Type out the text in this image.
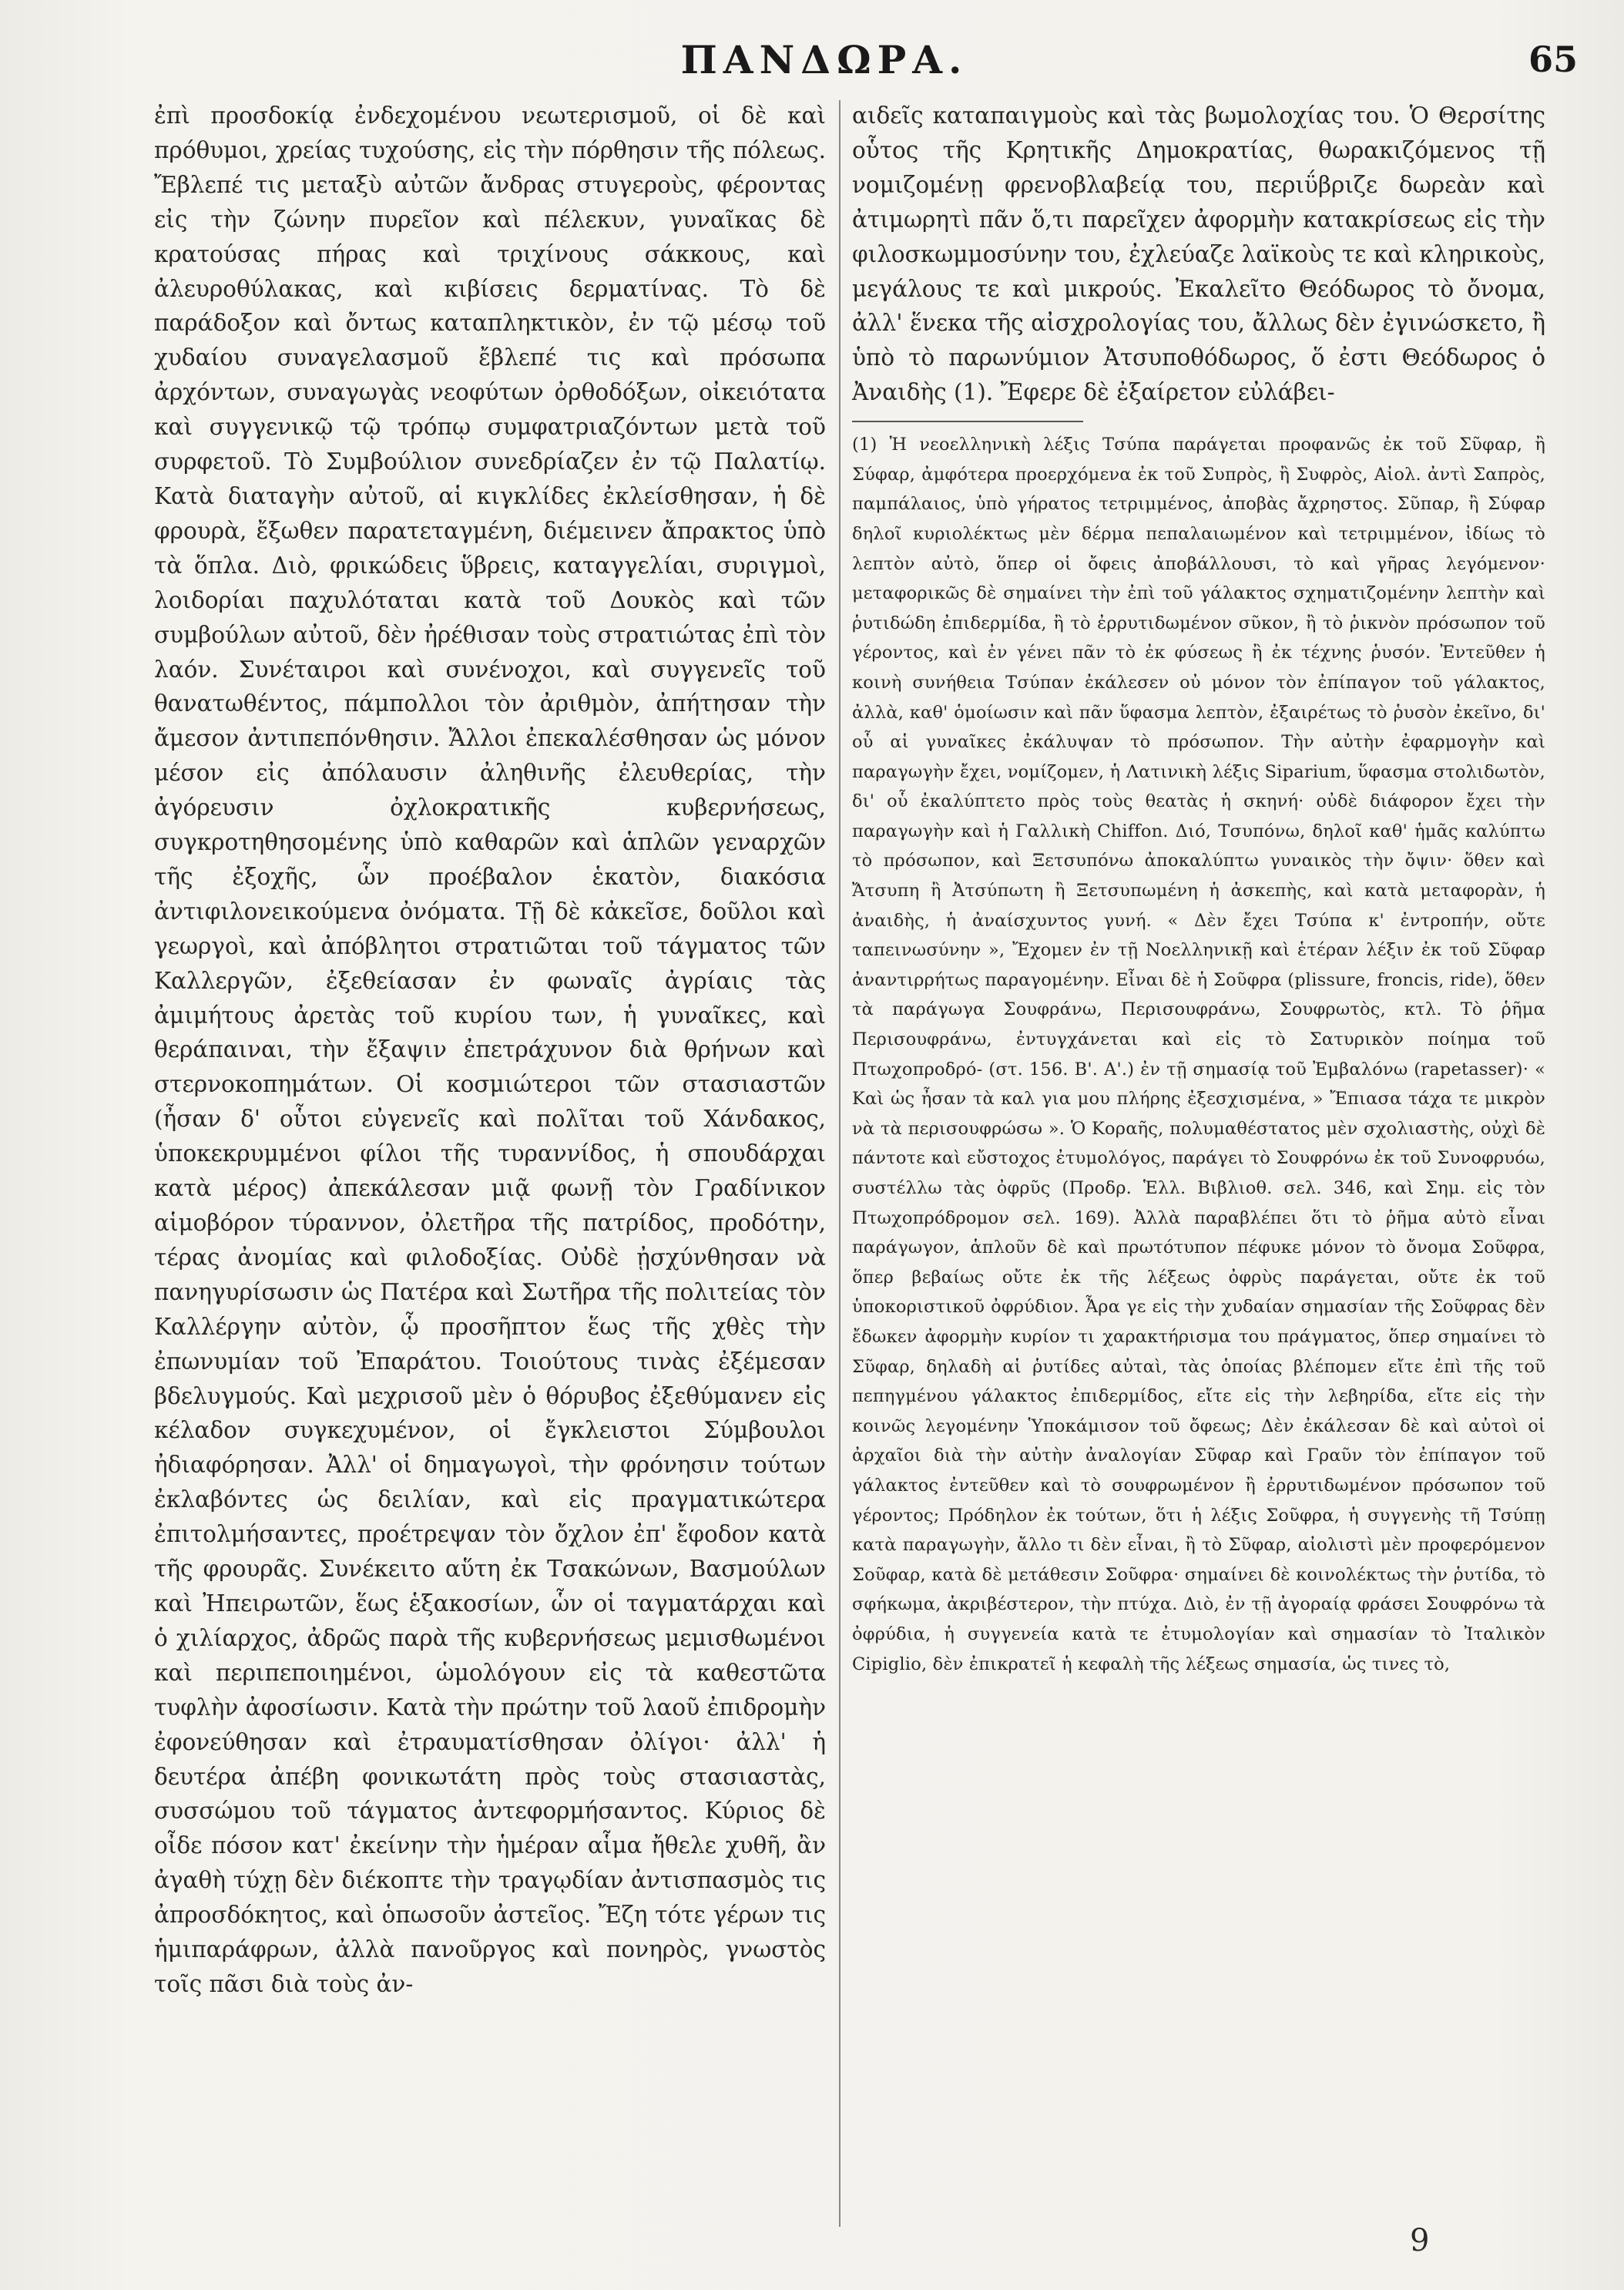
ΠΑΝΔΩΡΑ.	65
ἐπὶ προσδοκίᾳ ἐνδεχομένου νεωτερισμοῦ, οἱ δὲ καὶ πρόθυμοι, χρείας τυχούσης, εἰς τὴν πόρθησιν τῆς πόλεως. Ἔβλεπέ τις μεταξὺ αὐτῶν ἄνδρας στυγεροὺς, φέροντας εἰς τὴν ζώνην πυρεῖον καὶ πέλεκυν, γυναῖκας δὲ κρατούσας πήρας καὶ τριχίνους σάκκους, καὶ ἀλευροθύλακας, καὶ κιβίσεις δερματίνας. Τὸ δὲ παράδοξον καὶ ὄντως καταπληκτικὸν, ἐν τῷ μέσῳ τοῦ χυδαίου συναγελασμοῦ ἔβλεπέ τις καὶ πρόσωπα ἀρχόντων, συναγωγὰς νεοφύτων ὀρθοδόξων, οἰκειότατα καὶ συγγενικῷ τῷ τρόπῳ συμφατριαζόντων μετὰ τοῦ συρφετοῦ. Τὸ Συμβούλιον συνεδρίαζεν ἐν τῷ Παλατίῳ. Κατὰ διαταγὴν αὐτοῦ, αἱ κιγκλίδες ἐκλείσθησαν, ἡ δὲ φρουρὰ, ἔξωθεν παρατεταγμένη, διέμεινεν ἄπρακτος ὑπὸ τὰ ὅπλα. Διὸ, φρικώδεις ὕβρεις, καταγγελίαι, συριγμοὶ, λοιδορίαι παχυλόταται κατὰ τοῦ Δουκὸς καὶ τῶν συμβούλων αὐτοῦ, δὲν ἠρέθισαν τοὺς στρατιώτας ἐπὶ τὸν λαόν. Συνέταιροι καὶ συνένοχοι, καὶ συγγενεῖς τοῦ θανατωθέντος, πάμπολλοι τὸν ἀριθμὸν, ἀπήτησαν τὴν ἄμεσον ἀντιπεπόνθησιν. Ἄλλοι ἐπεκαλέσθησαν ὡς μόνον μέσον εἰς ἀπόλαυσιν ἀληθινῆς ἐλευθερίας, τὴν ἀγόρευσιν ὀχλοκρατικῆς κυβερνήσεως, συγκροτηθησομένης ὑπὸ καθαρῶν καὶ ἁπλῶν γεναρχῶν τῆς ἐξοχῆς, ὧν προέβαλον ἑκατὸν, διακόσια ἀντιφιλονεικούμενα ὀνόματα. Τῇ δὲ κἀκεῖσε, δοῦλοι καὶ γεωργοὶ, καὶ ἀπόβλητοι στρατιῶται τοῦ τάγματος τῶν Καλλεργῶν, ἐξεθείασαν ἐν φωναῖς ἀγρίαις τὰς ἀμιμήτους ἀρετὰς τοῦ κυρίου των, ἡ γυναῖκες, καὶ θεράπαιναι, τὴν ἔξαψιν ἐπετράχυνον διὰ θρήνων καὶ στερνοκοπημάτων. Οἱ κοσμιώτεροι τῶν στασιαστῶν (ἦσαν δ' οὗτοι εὐγενεῖς καὶ πολῖται τοῦ Χάνδακος, ὑποκεκρυμμένοι φίλοι τῆς τυραννίδος, ἡ σπουδάρχαι κατὰ μέρος) ἀπεκάλεσαν μιᾷ φωνῇ τὸν Γραδίνικον αἱμοβόρον τύραννον, ὀλετῆρα τῆς πατρίδος, προδότην, τέρας ἀνομίας καὶ φιλοδοξίας. Οὐδὲ ᾐσχύνθησαν νὰ πανηγυρίσωσιν ὡς Πατέρα καὶ Σωτῆρα τῆς πολιτείας τὸν Καλλέργην αὐτὸν, ᾧ προσῆπτον ἕως τῆς χθὲς τὴν ἐπωνυμίαν τοῦ Ἐπαράτου. Τοιούτους τινὰς ἐξέμεσαν βδελυγμούς. Καὶ μεχρισοῦ μὲν ὁ θόρυβος ἐξεθύμανεν εἰς κέλαδον συγκεχυμένον, οἱ ἔγκλειστοι Σύμβουλοι ἠδιαφόρησαν. Ἀλλ' οἱ δημαγωγοὶ, τὴν φρόνησιν τούτων ἐκλαβόντες ὡς δειλίαν, καὶ εἰς πραγματικώτερα ἐπιτολμήσαντες, προέτρεψαν τὸν ὄχλον ἐπ' ἔφοδον κατὰ τῆς φρουρᾶς. Συνέκειτο αὕτη ἐκ Τσακώνων, Βασμούλων καὶ Ἠπειρωτῶν, ἕως ἑξακοσίων, ὧν οἱ ταγματάρχαι καὶ ὁ χιλίαρχος, ἀδρῶς παρὰ τῆς κυβερνήσεως μεμισθωμένοι καὶ περιπεποιημένοι, ὡμολόγουν εἰς τὰ καθεστῶτα τυφλὴν ἀφοσίωσιν. Κατὰ τὴν πρώτην τοῦ λαοῦ ἐπιδρομὴν ἐφονεύθησαν καὶ ἐτραυματίσθησαν ὀλίγοι· ἀλλ' ἡ δευτέρα ἀπέβη φονικωτάτη πρὸς τοὺς στασιαστὰς, συσσώμου τοῦ τάγματος ἀντεφορμήσαντος. Κύριος δὲ οἶδε πόσον κατ' ἐκείνην τὴν ἡμέραν αἷμα ἤθελε χυθῆ, ἂν ἀγαθὴ τύχῃ δὲν διέκοπτε τὴν τραγῳδίαν ἀντισπασμὸς τις ἀπροσδόκητος, καὶ ὁπωσοῦν ἀστεῖος. Ἔζη τότε γέρων τις ἡμιπαράφρων, ἀλλὰ πανοῦργος καὶ πονηρὸς, γνωστὸς τοῖς πᾶσι διὰ τοὺς ἀν-
αιδεῖς καταπαιγμοὺς καὶ τὰς βωμολοχίας του. Ὁ Θερσίτης οὗτος τῆς Κρητικῆς Δημοκρατίας, θωρακιζόμενος τῇ νομιζομένῃ φρενοβλαβείᾳ του, περιΰβριζε δωρεὰν καὶ ἀτιμωρητὶ πᾶν ὅ,τι παρεῖχεν ἀφορμὴν κατακρίσεως εἰς τὴν φιλοσκωμμοσύνην του, ἐχλεύαζε λαϊκοὺς τε καὶ κληρικοὺς, μεγάλους τε καὶ μικρούς. Ἐκαλεῖτο Θεόδωρος τὸ ὄνομα, ἀλλ' ἕνεκα τῆς αἰσχρολογίας του, ἄλλως δὲν ἐγινώσκετο, ἢ ὑπὸ τὸ παρωνύμιον Ἀτσυποθόδωρος, ὅ ἐστι Θεόδωρος ὁ Ἀναιδὴς (1). Ἔφερε δὲ ἐξαίρετον εὐλάβει-
(1) Ἡ νεοελληνικὴ λέξις Τσύπα παράγεται προφανῶς ἐκ τοῦ Σῦφαρ, ἢ Σύφαρ, ἀμφότερα προερχόμενα ἐκ τοῦ Συπρὸς, ἢ Συφρὸς, Αἰολ. ἀντὶ Σαπρὸς, παμπάλαιος, ὑπὸ γήρατος τετριμμένος, ἀποβὰς ἄχρηστος. Σῦπαρ, ἢ Σύφαρ δηλοῖ κυριολέκτως μὲν δέρμα πεπαλαιωμένον καὶ τετριμμένον, ἰδίως τὸ λεπτὸν αὐτὸ, ὅπερ οἱ ὄφεις ἀποβάλλουσι, τὸ καὶ γῆρας λεγόμενον· μεταφορικῶς δὲ σημαίνει τὴν ἐπὶ τοῦ γάλακτος σχηματιζομένην λεπτὴν καὶ ῥυτιδώδη ἐπιδερμίδα, ἢ τὸ ἐρρυτιδωμένον σῦκον, ἢ τὸ ῥικνὸν πρόσωπον τοῦ γέροντος, καὶ ἐν γένει πᾶν τὸ ἐκ φύσεως ἢ ἐκ τέχνης ῥυσόν. Ἐντεῦθεν ἡ κοινὴ συνήθεια Τσύπαν ἐκάλεσεν οὐ μόνον τὸν ἐπίπαγον τοῦ γάλακτος, ἀλλὰ, καθ' ὁμοίωσιν καὶ πᾶν ὕφασμα λεπτὸν, ἐξαιρέτως τὸ ῥυσὸν ἐκεῖνο, δι' οὗ αἱ γυναῖκες ἐκάλυψαν τὸ πρόσωπον. Τὴν αὐτὴν ἐφαρμογὴν καὶ παραγωγὴν ἔχει, νομίζομεν, ἡ Λατινικὴ λέξις Siparium, ὕφασμα στολιδωτὸν, δι' οὗ ἐκαλύπτετο πρὸς τοὺς θεατὰς ἡ σκηνή· οὐδὲ διάφορον ἔχει τὴν παραγωγὴν καὶ ἡ Γαλλικὴ Chiffon. Διό, Τσυπόνω, δηλοῖ καθ' ἡμᾶς καλύπτω τὸ πρόσωπον, καὶ Ξετσυπόνω ἀποκαλύπτω γυναικὸς τὴν ὄψιν· ὅθεν καὶ Ἄτσυπη ἢ Ἀτσύπωτη ἢ Ξετσυπωμένη ἡ ἀσκεπὴς, καὶ κατὰ μεταφορὰν, ἡ ἀναιδὴς, ἡ ἀναίσχυντος γυνή. « Δὲν ἔχει Τσύπα κ' ἐντροπήν, οὔτε ταπεινωσύνην », Ἔχομεν ἐν τῇ Νοελληνικῇ καὶ ἑτέραν λέξιν ἐκ τοῦ Σῦφαρ ἀναντιρρήτως παραγομένην. Εἶναι δὲ ἡ Σοῦφρα (plissure, froncis, ride), ὅθεν τὰ παράγωγα Σουφράνω, Περισουφράνω, Σουφρωτὸς, κτλ. Τὸ ῥῆμα Περισουφράνω, ἐντυγχάνεται καὶ εἰς τὸ Σατυρικὸν ποίημα τοῦ Πτωχοπροδρό- (στ. 156. Β'. Α'.) ἐν τῇ σημασίᾳ τοῦ Ἐμβαλόνω (rapetasser)· « Καὶ ὡς ἦσαν τὰ καλ για μου πλήρης ἐξεσχισμένα, » Ἔπιασα τάχα τε μικρὸν νὰ τὰ περισουφρώσω ». Ὁ Κοραῆς, πολυμαθέστατος μὲν σχολιαστὴς, οὐχὶ δὲ πάντοτε καὶ εὔστοχος ἐτυμολόγος, παράγει τὸ Σουφρόνω ἐκ τοῦ Συνοφρυόω, συστέλλω τὰς ὀφρῦς (Προδρ. Ἑλλ. Βιβλιοθ. σελ. 346, καὶ Σημ. εἰς τὸν Πτωχοπρόδρομον σελ. 169). Ἀλλὰ παραβλέπει ὅτι τὸ ῥῆμα αὐτὸ εἶναι παράγωγον, ἁπλοῦν δὲ καὶ πρωτότυπον πέφυκε μόνον τὸ ὄνομα Σοῦφρα, ὅπερ βεβαίως οὔτε ἐκ τῆς λέξεως ὀφρὺς παράγεται, οὔτε ἐκ τοῦ ὑποκοριστικοῦ ὀφρύδιον. Ἆρα γε εἰς τὴν χυδαίαν σημασίαν τῆς Σοῦφρας δὲν ἔδωκεν ἀφορμὴν κυρίον τι χαρακτήρισμα του πράγματος, ὅπερ σημαίνει τὸ Σῦφαρ, δηλαδὴ αἱ ῥυτίδες αὐταὶ, τὰς ὁποίας βλέπομεν εἴτε ἐπὶ τῆς τοῦ πεπηγμένου γάλακτος ἐπιδερμίδος, εἴτε εἰς τὴν λεβηρίδα, εἴτε εἰς τὴν κοινῶς λεγομένην Ὑποκάμισον τοῦ ὄφεως; Δὲν ἐκάλεσαν δὲ καὶ αὐτοὶ οἱ ἀρχαῖοι διὰ τὴν αὐτὴν ἀναλογίαν Σῦφαρ καὶ Γραῦν τὸν ἐπίπαγον τοῦ γάλακτος ἐντεῦθεν καὶ τὸ σουφρωμένον ἢ ἐρρυτιδωμένον πρόσωπον τοῦ γέροντος; Πρόδηλον ἐκ τούτων, ὅτι ἡ λέξις Σοῦφρα, ἡ συγγενὴς τῆ Τσύπῃ κατὰ παραγωγὴν, ἄλλο τι δὲν εἶναι, ἢ τὸ Σῦφαρ, αἰολιστὶ μὲν προφερόμενον Σοῦφαρ, κατὰ δὲ μετάθεσιν Σοῦφρα· σημαίνει δὲ κοινολέκτως τὴν ῥυτίδα, τὸ σφήκωμα, ἀκριβέστερον, τὴν πτύχα. Διὸ, ἐν τῇ ἀγοραίᾳ φράσει Σουφρόνω τὰ ὀφρύδια, ἡ συγγενεία κατὰ τε ἐτυμολογίαν καὶ σημασίαν τὸ Ἰταλικὸν Cipiglio, δὲν ἐπικρατεῖ ἡ κεφαλὴ τῆς λέξεως σημασία, ὡς τινες τὸ,
9
